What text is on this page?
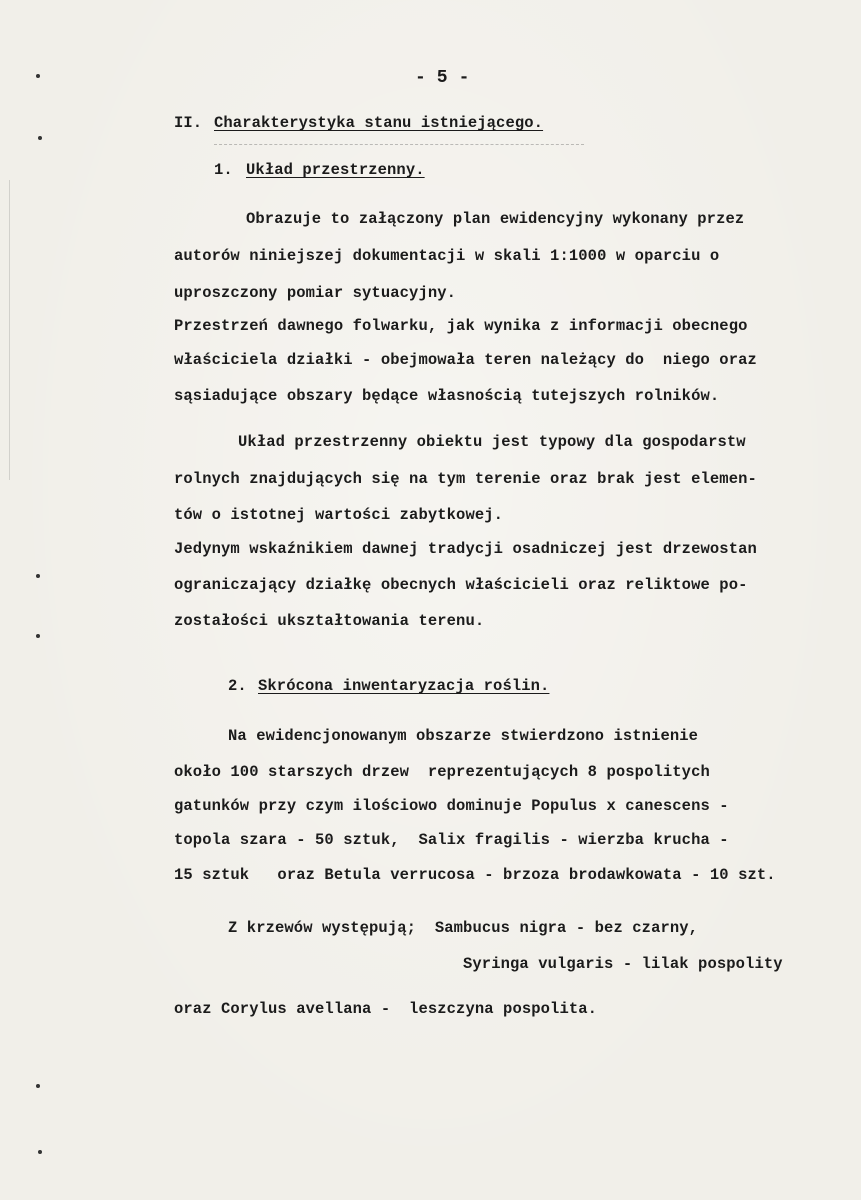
- 5 -
II. Charakterystyka stanu istniejącego.
1. Układ przestrzenny.
Obrazuje to załączony plan ewidencyjny wykonany przez
autorów niniejszej dokumentacji w skali 1:1000 w oparciu o
uproszczony pomiar sytuacyjny.
Przestrzeń dawnego folwarku, jak wynika z informacji obecnego
właściciela działki - obejmowała teren należący do  niego oraz
sąsiadujące obszary będące własnością tutejszych rolników.
Układ przestrzenny obiektu jest typowy dla gospodarstw
rolnych znajdujących się na tym terenie oraz brak jest elemen-
tów o istotnej wartości zabytkowej.
Jedynym wskaźnikiem dawnej tradycji osadniczej jest drzewostan
ograniczający działkę obecnych właścicieli oraz reliktowe po-
zostałości ukształtowania terenu.
2. Skrócona inwentaryzacja roślin.
Na ewidencjonowanym obszarze stwierdzono istnienie
około 100 starszych drzew  reprezentujących 8 pospolitych
gatunków przy czym ilościowo dominuje Populus x canescens -
topola szara - 50 sztuk,  Salix fragilis - wierzba krucha -
15 sztuk   oraz Betula verrucosa - brzoza brodawkowata - 10 szt.
Z krzewów występują;  Sambucus nigra - bez czarny,
Syringa vulgaris - lilak pospolity
oraz Corylus avellana -  leszczyna pospolita.
